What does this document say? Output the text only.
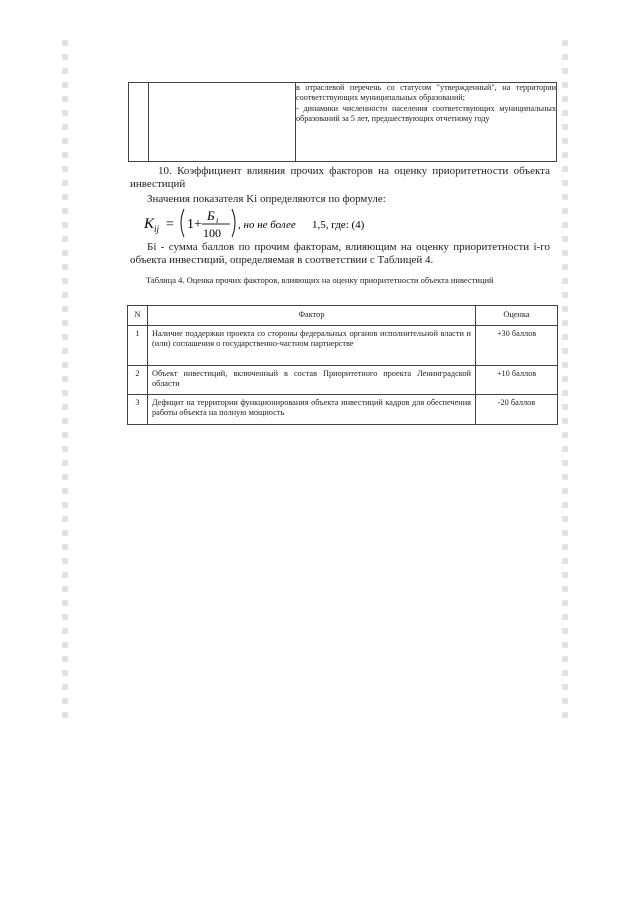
в отраслевой перечень со статусом "утвержденный", на территории соответствующих муниципальных образований;

- динамики численности населения соответствующих муниципальных образований за 5 лет, предшествующих отчетному году

10. Коэффициент влияния прочих факторов на оценку приоритетности объекта инвестиций

Значения показателя Ki определяются по формуле:

K ij = 1+
Б i
100
, но не более 1,5, где: (4)

Бi - сумма баллов по прочим факторам, влияющим на оценку приоритетности i-го объекта инвестиций, определяемая в соответствии с Таблицей 4.

Таблица 4. Оценка прочих факторов, влияющих на оценку приоритетности объекта инвестиций
N	Фактор	Оценка
1	Наличие поддержки проекта со стороны федеральных органов исполнительной власти и (или) соглашения о государственно-частном партнерстве	+30 баллов
2	Объект инвестиций, включенный в состав Приоритетного проекта Ленинградской области	+10 баллов
3	Дефицит на территории функционирования объекта инвестиций кадров для обеспечения работы объекта на полную мощность	-20 баллов
